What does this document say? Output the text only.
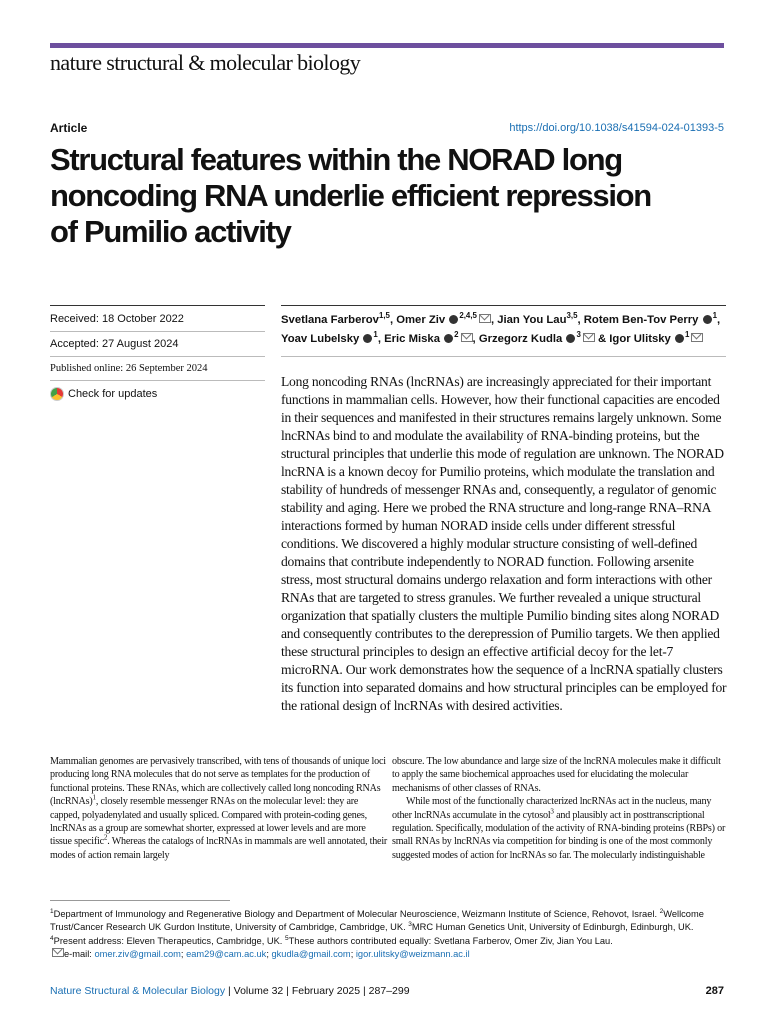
nature structural & molecular biology
Article	https://doi.org/10.1038/s41594-024-01393-5
Structural features within the NORAD long
noncoding RNA underlie efficient repression
of Pumilio activity
Received: 18 October 2022
Accepted: 27 August 2024
Published online: 26 September 2024
Check for updates
Svetlana Farberov$^{1,5}$, Omer Ziv $^{2,4,5}$ , Jian You Lau$^{3,5}$, Rotem Ben-Tov Perry $^1$,
Yoav Lubelsky $^1$, Eric Miska $^2$ , Grzegorz Kudla $^3$ & Igor Ulitsky $^1$

Long noncoding RNAs (lncRNAs) are increasingly appreciated for their important functions in mammalian cells. However, how their functional capacities are encoded in their sequences and manifested in their structures remains largely unknown. Some lncRNAs bind to and modulate the availability of RNA-binding proteins, but the structural principles that underlie this mode of regulation are unknown. The NORAD lncRNA is a known decoy for Pumilio proteins, which modulate the translation and stability of hundreds of messenger RNAs and, consequently, a regulator of genomic stability and aging. Here we probed the RNA structure and long-range RNA–RNA interactions formed by human NORAD inside cells under different stressful conditions. We discovered a highly modular structure consisting of well-defined domains that contribute independently to NORAD function. Following arsenite stress, most structural domains undergo relaxation and form interactions with other RNAs that are targeted to stress granules. We further revealed a unique structural organization that spatially clusters the multiple Pumilio binding sites along NORAD and consequently contributes to the derepression of Pumilio targets. We then applied these structural principles to design an effective artificial decoy for the let-7 microRNA. Our work demonstrates how the sequence of a lncRNA spatially clusters its function into separated domains and how structural principles can be employed for the rational design of lncRNAs with desired activities.

Mammalian genomes are pervasively transcribed, with tens of thousands of unique loci producing long RNA molecules that do not serve as templates for the production of functional proteins. These RNAs, which are collectively called long noncoding RNAs (lncRNAs)$^1$, closely resemble messenger RNAs on the molecular level: they are capped, polyadenylated and usually spliced. Compared with protein-coding genes, lncRNAs as a group are somewhat shorter, expressed at lower levels and are more tissue specific$^2$. Whereas the catalogs of lncRNAs in mammals are well annotated, their modes of action remain largely

obscure. The low abundance and large size of the lncRNA molecules make it difficult to apply the same biochemical approaches used for elucidating the molecular mechanisms of other classes of RNAs.

While most of the functionally characterized lncRNAs act in the nucleus, many other lncRNAs accumulate in the cytosol$^3$ and plausibly act in posttranscriptional regulation. Specifically, modulation of the activity of RNA-binding proteins (RBPs) or small RNAs by lncRNAs via competition for binding is one of the most commonly suggested modes of action for lncRNAs so far. The molecularly indistinguishable

$^1$Department of Immunology and Regenerative Biology and Department of Molecular Neuroscience, Weizmann Institute of Science, Rehovot, Israel. $^2$Wellcome Trust/Cancer Research UK Gurdon Institute, University of Cambridge, Cambridge, UK. $^3$MRC Human Genetics Unit, University of Edinburgh, Edinburgh, UK. $^4$Present address: Eleven Therapeutics, Cambridge, UK. $^5$These authors contributed equally: Svetlana Farberov, Omer Ziv, Jian You Lau.
e-mail: omer.ziv@gmail.com; eam29@cam.ac.uk; gkudla@gmail.com; igor.ulitsky@weizmann.ac.il
Nature Structural & Molecular Biology | Volume 32 | February 2025 | 287–299	287
